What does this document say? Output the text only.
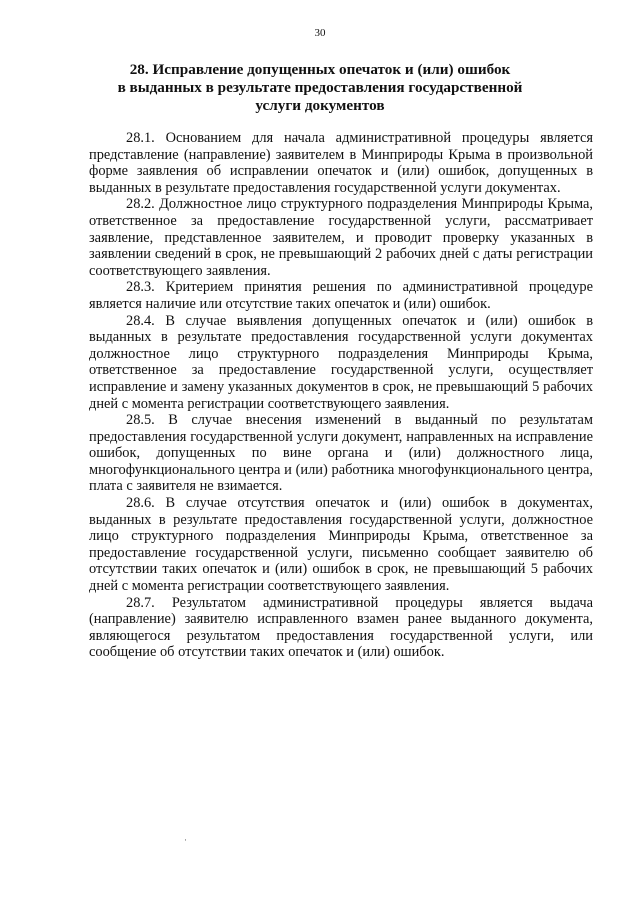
30
28. Исправление допущенных опечаток и (или) ошибок
в выданных в результате предоставления государственной
услуги документов

28.1. Основанием для начала административной процедуры является представление (направление) заявителем в Минприроды Крыма в произвольной форме заявления об исправлении опечаток и (или) ошибок, допущенных в выданных в результате предоставления государственной услуги документах.

28.2. Должностное лицо структурного подразделения Минприроды Крыма, ответственное за предоставление государственной услуги, рассматривает заявление, представленное заявителем, и проводит проверку указанных в заявлении сведений в срок, не превышающий 2 рабочих дней с даты регистрации соответствующего заявления.

28.3. Критерием принятия решения по административной процедуре является наличие или отсутствие таких опечаток и (или) ошибок.

28.4. В случае выявления допущенных опечаток и (или) ошибок в выданных в результате предоставления государственной услуги документах должностное лицо структурного подразделения Минприроды Крыма, ответственное за предоставление государственной услуги, осуществляет исправление и замену указанных документов в срок, не превышающий 5 рабочих дней с момента регистрации соответствующего заявления.

28.5. В случае внесения изменений в выданный по результатам предоставления государственной услуги документ, направленных на исправление ошибок, допущенных по вине органа и (или) должностного лица, многофункционального центра и (или) работника многофункционального центра, плата с заявителя не взимается.

28.6. В случае отсутствия опечаток и (или) ошибок в документах, выданных в результате предоставления государственной услуги, должностное лицо структурного подразделения Минприроды Крыма, ответственное за предоставление государственной услуги, письменно сообщает заявителю об отсутствии таких опечаток и (или) ошибок в срок, не превышающий 5 рабочих дней с момента регистрации соответствующего заявления.

28.7. Результатом административной процедуры является выдача (направление) заявителю исправленного взамен ранее выданного документа, являющегося результатом предоставления государственной услуги, или сообщение об отсутствии таких опечаток и (или) ошибок.

·
